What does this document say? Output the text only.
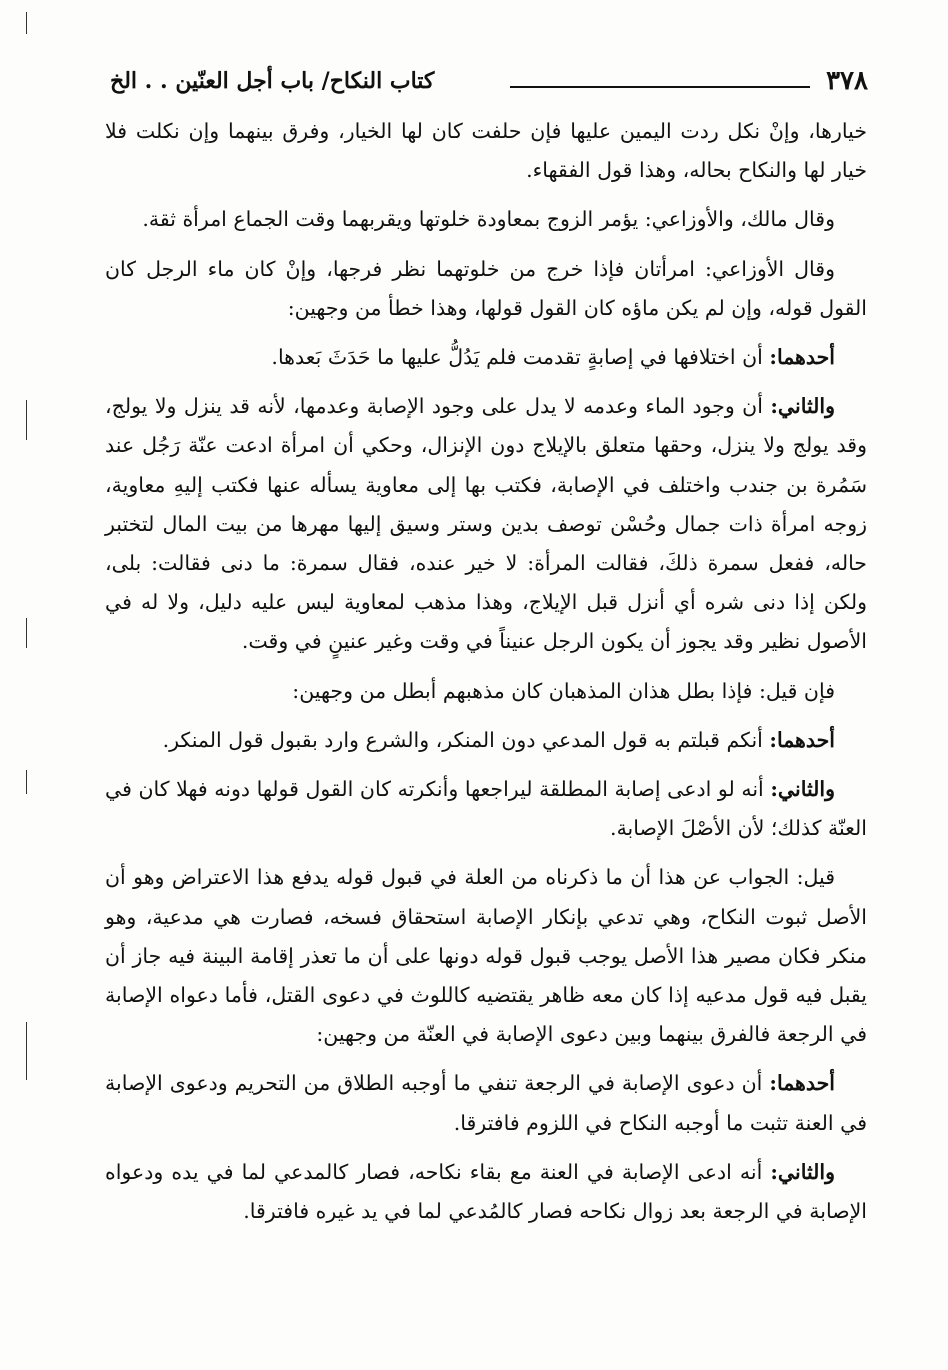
٣٧٨
كتاب النكاح/ باب أجل العنّين . . الخ

خيارها، وإنْ نكل ردت اليمين عليها فإن حلفت كان لها الخيار، وفرق بينهما وإن نكلت فلا خيار لها والنكاح بحاله، وهذا قول الفقهاء.

وقال مالك، والأوزاعي: يؤمر الزوج بمعاودة خلوتها ويقربهما وقت الجماع امرأة ثقة.

وقال الأوزاعي: امرأتان فإذا خرج من خلوتهما نظر فرجها، وإنْ كان ماء الرجل كان القول قوله، وإن لم يكن ماؤه كان القول قولها، وهذا خطأ من وجهين:

أحدهما: أن اختلافها في إصابةٍ تقدمت فلم يَدُلُّ عليها ما حَدَثَ بَعدها.

والثاني: أن وجود الماء وعدمه لا يدل على وجود الإصابة وعدمها، لأنه قد ينزل ولا يولج، وقد يولج ولا ينزل، وحقها متعلق بالإيلاج دون الإنزال، وحكي أن امرأة ادعت عنّة رَجُل عند سَمُرة بن جندب واختلف في الإصابة، فكتب بها إلى معاوية يسأله عنها فكتب إليهِ معاوية، زوجه امرأة ذات جمال وحُسْن توصف بدين وستر وسيق إليها مهرها من بيت المال لتختبر حاله، ففعل سمرة ذلكَ، فقالت المرأة: لا خير عنده، فقال سمرة: ما دنى فقالت: بلى، ولكن إذا دنى شره أي أنزل قبل الإيلاج، وهذا مذهب لمعاوية ليس عليه دليل، ولا له في الأصول نظير وقد يجوز أن يكون الرجل عنيناً في وقت وغير عنينٍ في وقت.

فإن قيل: فإذا بطل هذان المذهبان كان مذهبهم أبطل من وجهين:

أحدهما: أنكم قبلتم به قول المدعي دون المنكر، والشرع وارد بقبول قول المنكر.

والثاني: أنه لو ادعى إصابة المطلقة ليراجعها وأنكرته كان القول قولها دونه فهلا كان في العنّة كذلك؛ لأن الأصْلَ الإصابة.

قيل: الجواب عن هذا أن ما ذكرناه من العلة في قبول قوله يدفع هذا الاعتراض وهو أن الأصل ثبوت النكاح، وهي تدعي بإنكار الإصابة استحقاق فسخه، فصارت هي مدعية، وهو منكر فكان مصير هذا الأصل يوجب قبول قوله دونها على أن ما تعذر إقامة البينة فيه جاز أن يقبل فيه قول مدعيه إذا كان معه ظاهر يقتضيه كاللوث في دعوى القتل، فأما دعواه الإصابة في الرجعة فالفرق بينهما وبين دعوى الإصابة في العنّة من وجهين:

أحدهما: أن دعوى الإصابة في الرجعة تنفي ما أوجبه الطلاق من التحريم ودعوى الإصابة في العنة تثبت ما أوجبه النكاح في اللزوم فافترقا.

والثاني: أنه ادعى الإصابة في العنة مع بقاء نكاحه، فصار كالمدعي لما في يده ودعواه الإصابة في الرجعة بعد زوال نكاحه فصار كالمُدعي لما في يد غيره فافترقا.
